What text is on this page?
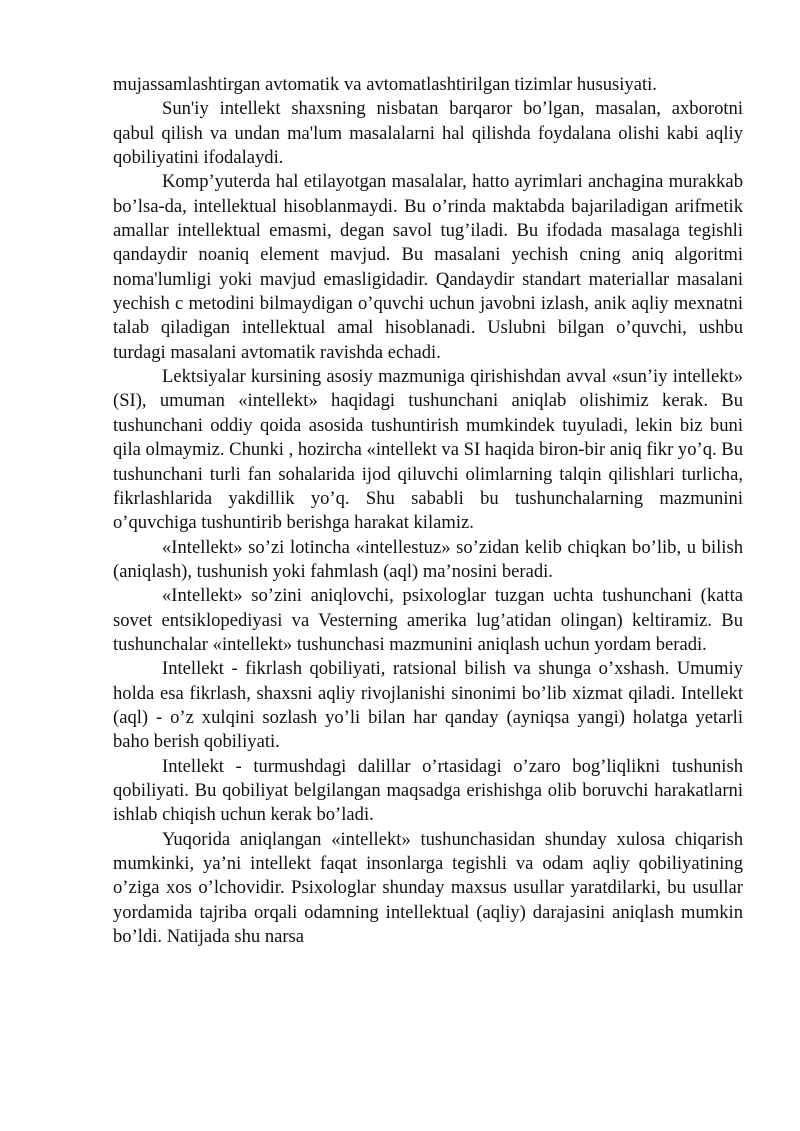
mujassamlashtirgan avtomatik va avtomatlashtirilgan tizimlar hususiyati.

Sun'iy intellekt shaxsning nisbatan barqaror bo’lgan, masalan, axborotni qabul qilish va undan ma'lum masalalarni hal qilishda foydalana olishi kabi aqliy qobiliyatini ifodalaydi.

Komp’yuterda hal etilayotgan masalalar, hatto ayrimlari anchagina murakkab bo’lsa-da, intellektual hisoblanmaydi. Bu o’rinda maktabda bajariladigan arifmetik amallar intellektual emasmi, degan savol tug’iladi. Bu ifodada masalaga tegishli qandaydir noaniq element mavjud. Bu masalani yechish cning aniq algoritmi noma'lumligi yoki mavjud emasligidadir. Qandaydir standart materiallar masalani yechish c metodini bilmaydigan o’quvchi uchun javobni izlash, anik aqliy mexnatni talab qiladigan intellektual amal hisoblanadi. Uslubni bilgan o’quvchi, ushbu turdagi masalani avtomatik ravishda echadi.

Lektsiyalar kursining asosiy mazmuniga qirishishdan avval «sun’iy intellekt» (SI), umuman «intellekt» haqidagi tushunchani aniqlab olishimiz kerak. Bu tushunchani oddiy qoida asosida tushuntirish mumkindek tuyuladi, lekin biz buni qila olmaymiz. Chunki , hozircha «intellekt va SI haqida biron-bir aniq fikr yo’q. Bu tushunchani turli fan sohalarida ijod qiluvchi olimlarning talqin qilishlari turlicha, fikrlashlarida yakdillik yo’q. Shu sababli bu tushunchalarning mazmunini o’quvchiga tushuntirib berishga harakat kilamiz.

«Intellekt» so’zi lotincha «intellestuz» so’zidan kelib chiqkan bo’lib, u bilish (aniqlash), tushunish yoki fahmlash (aql) ma’nosini beradi.

«Intellekt» so’zini aniqlovchi, psixologlar tuzgan uchta tushunchani (katta sovet entsiklopediyasi va Vesterning amerika lug’atidan olingan) keltiramiz. Bu tushunchalar «intellekt» tushunchasi mazmunini aniqlash uchun yordam beradi.

Intellekt - fikrlash qobiliyati, ratsional bilish va shunga o’xshash. Umumiy holda esa fikrlash, shaxsni aqliy rivojlanishi sinonimi bo’lib xizmat qiladi. Intellekt (aql) - o’z xulqini sozlash yo’li bilan har qanday (ayniqsa yangi) holatga yetarli baho berish qobiliyati.

Intellekt - turmushdagi dalillar o’rtasidagi o’zaro bog’liqlikni tushunish qobiliyati. Bu qobiliyat belgilangan maqsadga erishishga olib boruvchi harakatlarni ishlab chiqish uchun kerak bo’ladi.

Yuqorida aniqlangan «intellekt» tushunchasidan shunday xulosa chiqarish mumkinki, ya’ni intellekt faqat insonlarga tegishli va odam aqliy qobiliyatining o’ziga xos o’lchovidir. Psixologlar shunday maxsus usullar yaratdilarki, bu usullar yordamida tajriba orqali odamning intellektual (aqliy) darajasini aniqlash mumkin bo’ldi. Natijada shu narsa
